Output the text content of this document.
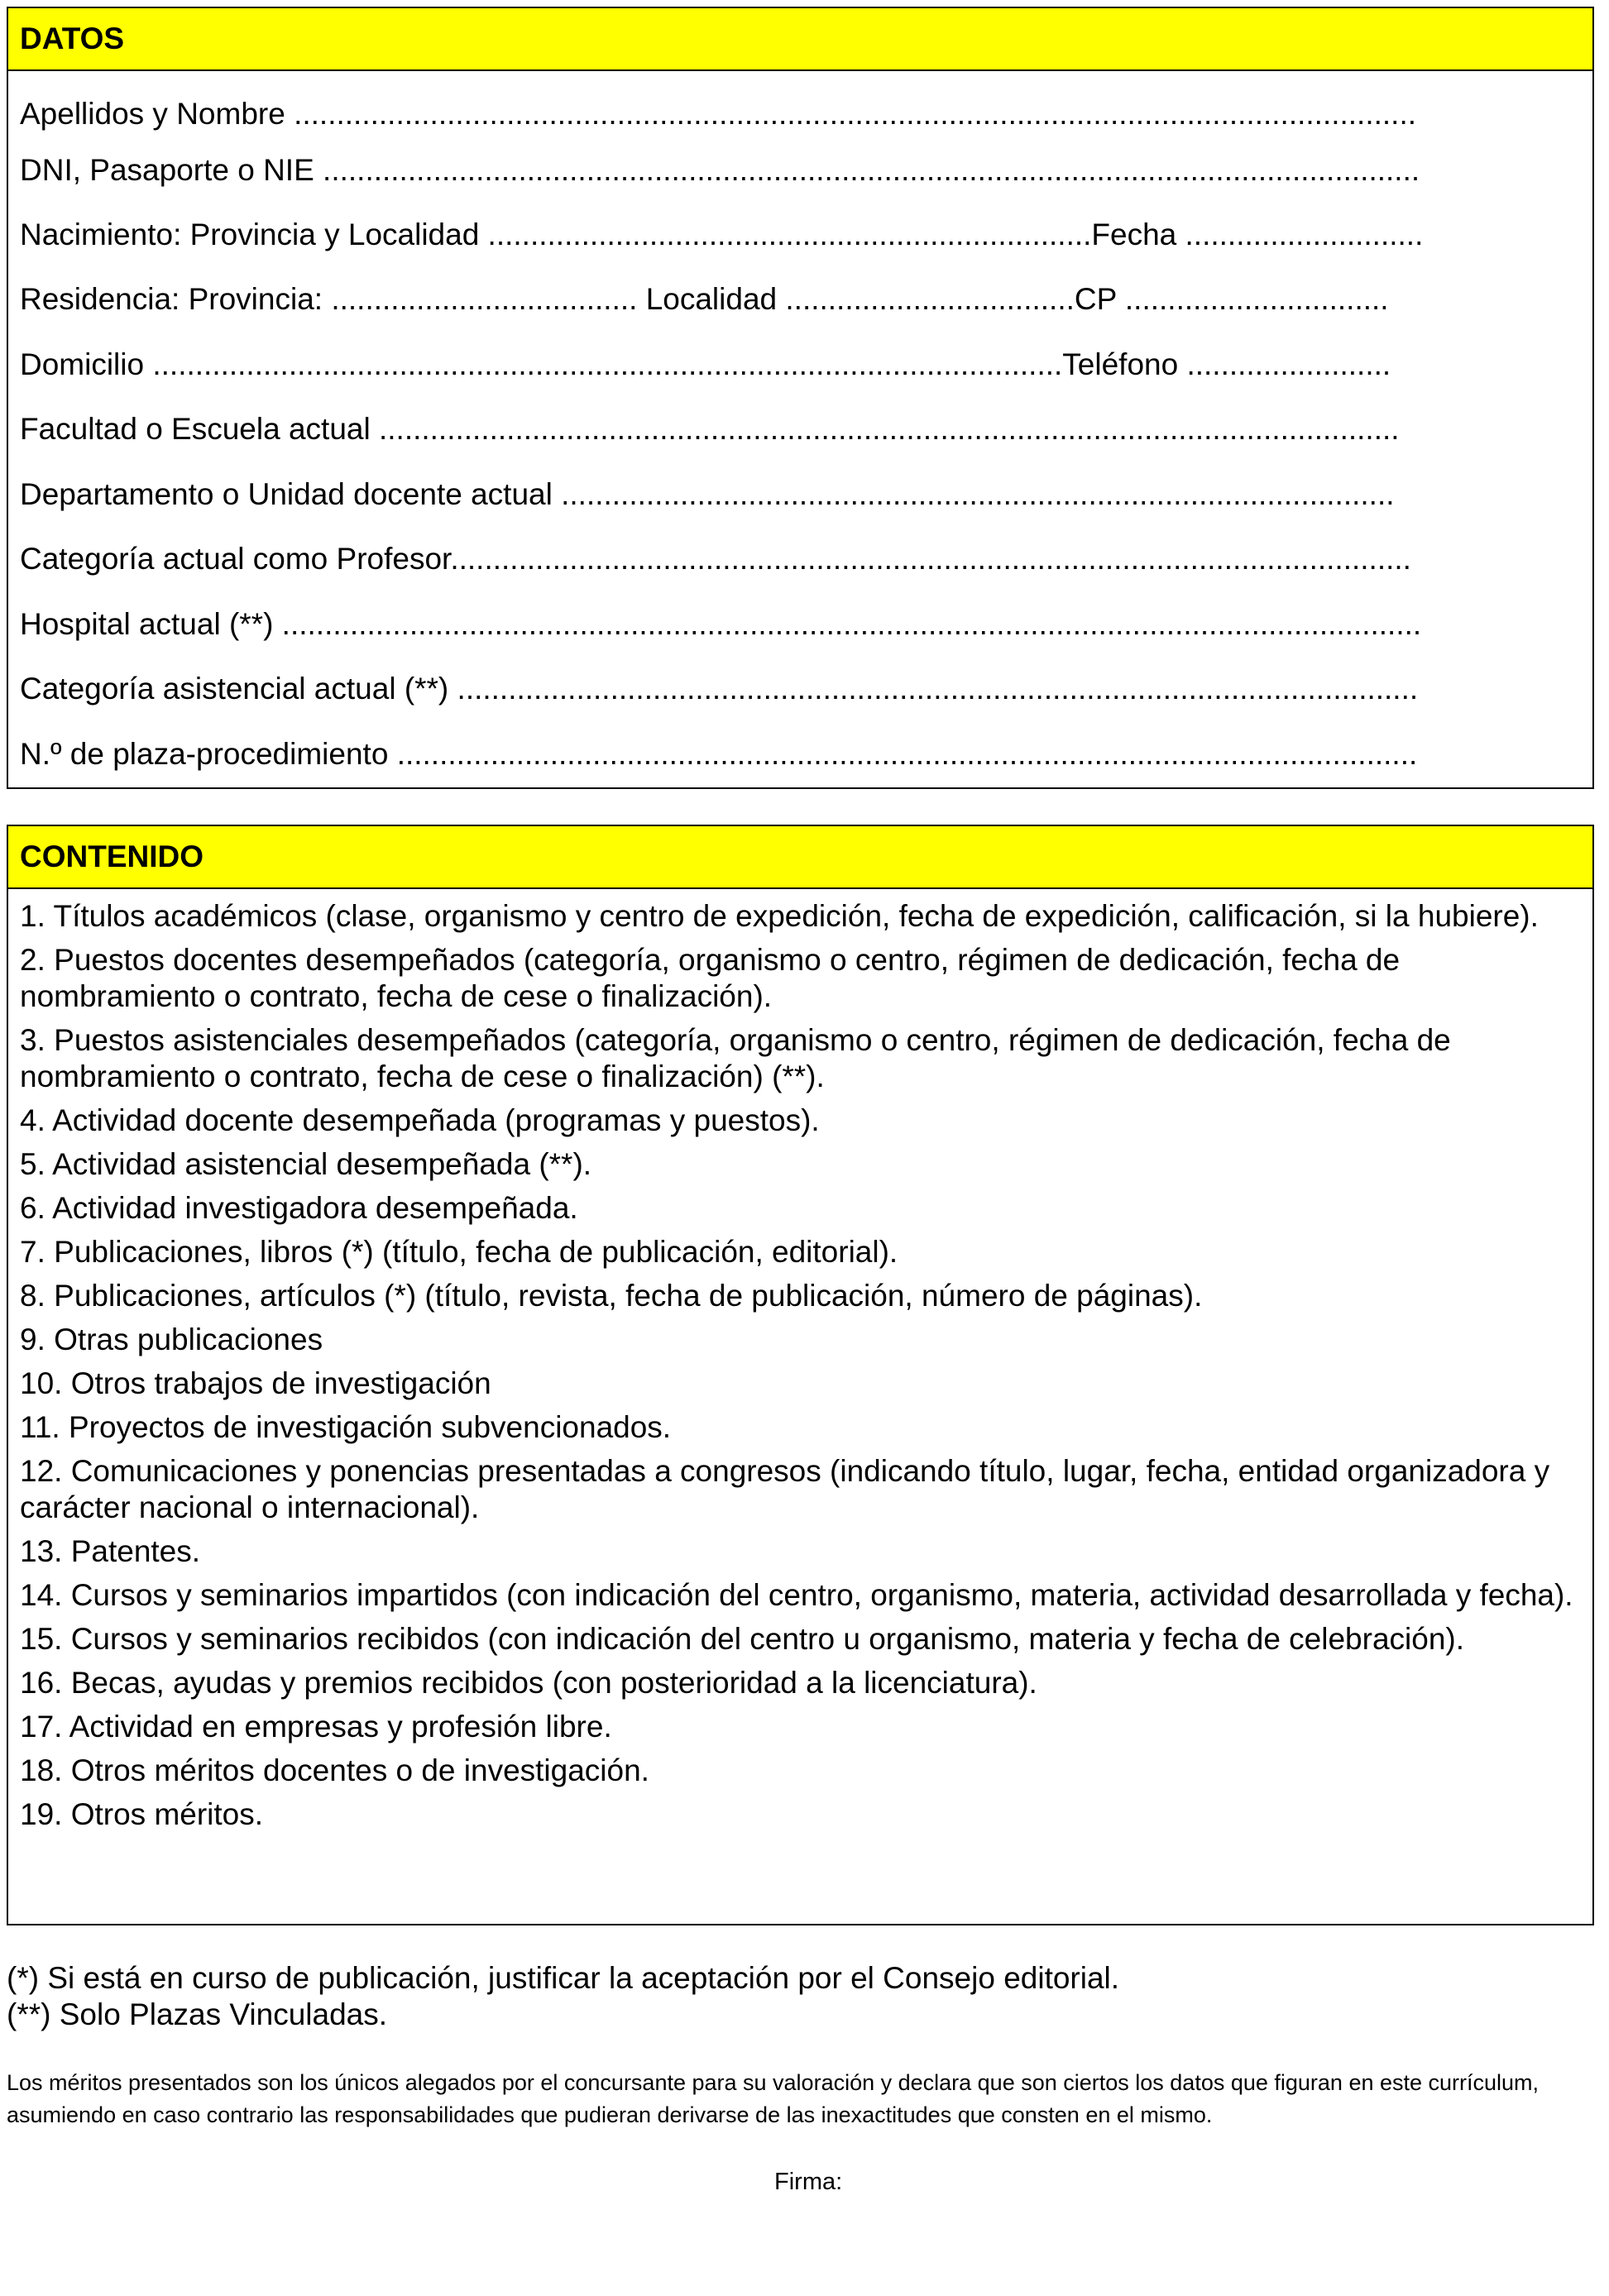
DATOS
Apellidos y Nombre ....................................................................................................................................
DNI, Pasaporte o NIE .................................................................................................................................
Nacimiento: Provincia y Localidad .......................................................................Fecha ............................
Residencia: Provincia: .................................... Localidad ..................................CP ...............................
Domicilio ...........................................................................................................Teléfono ........................
Facultad o Escuela actual ........................................................................................................................
Departamento o Unidad docente actual ..................................................................................................
Categoría actual como Profesor.................................................................................................................
Hospital actual (**) ......................................................................................................................................
Categoría asistencial actual (**) .................................................................................................................
N.º de plaza-procedimiento ........................................................................................................................
CONTENIDO
1. Títulos académicos (clase, organismo y centro de expedición, fecha de expedición, calificación, si la hubiere).
2. Puestos docentes desempeñados (categoría, organismo o centro, régimen de dedicación, fecha de nombramiento o contrato, fecha de cese o finalización).
3. Puestos asistenciales desempeñados (categoría, organismo o centro, régimen de dedicación, fecha de nombramiento o contrato, fecha de cese o finalización) (**).
4. Actividad docente desempeñada (programas y puestos).
5. Actividad asistencial desempeñada (**).
6. Actividad investigadora desempeñada.
7. Publicaciones, libros (*) (título, fecha de publicación, editorial).
8. Publicaciones, artículos (*) (título, revista, fecha de publicación, número de páginas).
9. Otras publicaciones
10. Otros trabajos de investigación
11. Proyectos de investigación subvencionados.
12. Comunicaciones y ponencias presentadas a congresos (indicando título, lugar, fecha, entidad organizadora y carácter nacional o internacional).
13. Patentes.
14. Cursos y seminarios impartidos (con indicación del centro, organismo, materia, actividad desarrollada y fecha).
15. Cursos y seminarios recibidos (con indicación del centro u organismo, materia y fecha de celebración).
16. Becas, ayudas y premios recibidos (con posterioridad a la licenciatura).
17. Actividad en empresas y profesión libre.
18. Otros méritos docentes o de investigación.
19. Otros méritos.
(*) Si está en curso de publicación, justificar la aceptación por el Consejo editorial.
(**) Solo Plazas Vinculadas.
Los méritos presentados son los únicos alegados por el concursante para su valoración y declara que son ciertos los datos que figuran en este currículum, asumiendo en caso contrario las responsabilidades que pudieran derivarse de las inexactitudes que consten en el mismo.
Firma:
